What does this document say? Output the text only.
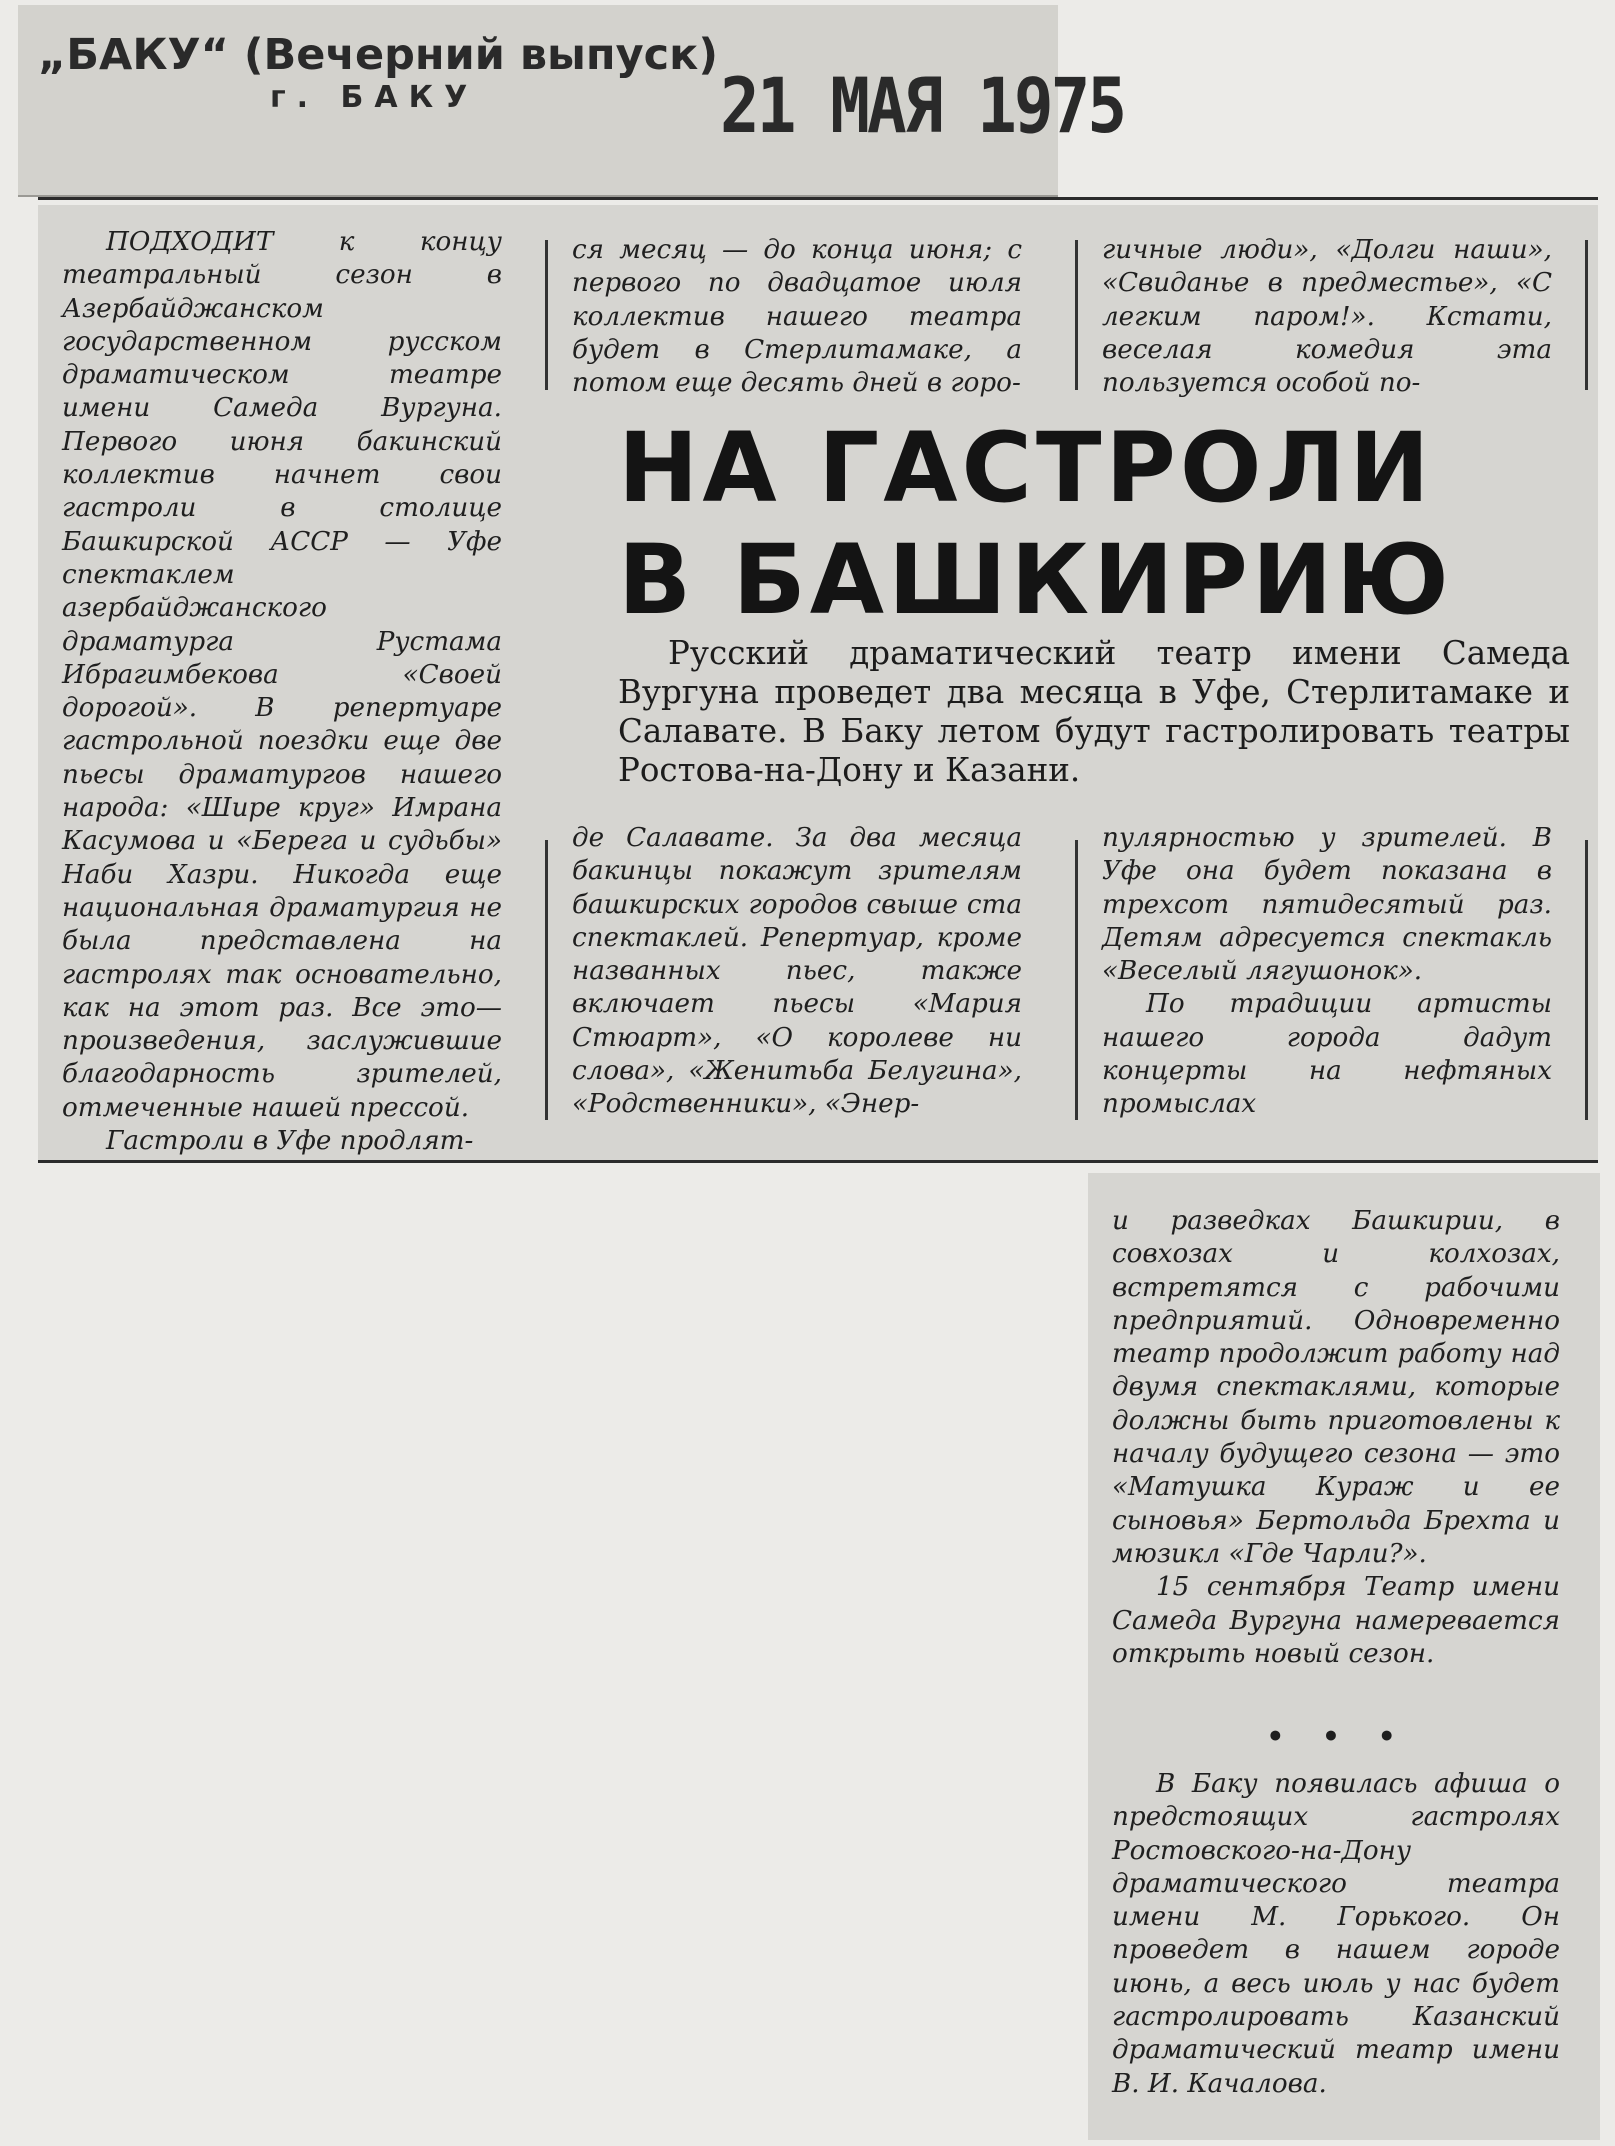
„БАКУ“ (Вечерний выпуск)
г. БАКУ	21 МАЯ 1975
ПОДХОДИТ к концу театральный сезон в Азербайджанском государственном русском драматическом театре имени Самеда Вургуна. Первого июня бакинский коллектив начнет свои гастроли в столице Башкирской АССР — Уфе спектаклем азербайджанского драматурга Рустама Ибрагимбекова «Своей дорогой». В репертуаре гастрольной поездки еще две пьесы драматургов нашего народа: «Шире круг» Имрана Касумова и «Берега и судьбы» Наби Хазри. Никогда еще национальная драматургия не была представлена на гастролях так основательно, как на этот раз. Все это—произведения, заслужившие благодарность зрителей, отмеченные нашей прессой.
Гастроли в Уфе продлят-
ся месяц — до конца июня; с первого по двадцатое июля коллектив нашего театра будет в Стерлитамаке, а потом еще десять дней в горо-
гичные люди», «Долги наши», «Свиданье в предместье», «С легким паром!». Кстати, веселая комедия эта пользуется особой по-
НА ГАСТРОЛИ
В БАШКИРИЮ
Русский драматический театр имени Самеда Вургуна проведет два месяца в Уфе, Стерлитамаке и Салавате. В Баку летом будут гастролировать театры Ростова-на-Дону и Казани.
де Салавате. За два месяца бакинцы покажут зрителям башкирских городов свыше ста спектаклей. Репертуар, кроме названных пьес, также включает пьесы «Мария Стюарт», «О королеве ни слова», «Женитьба Белугина», «Родственники», «Энер-
пулярностью у зрителей. В Уфе она будет показана в трехсот пятидесятый раз. Детям адресуется спектакль «Веселый лягушонок».
По традиции артисты нашего города дадут концерты на нефтяных промыслах
и разведках Башкирии, в совхозах и колхозах, встретятся с рабочими предприятий. Одновременно театр продолжит работу над двумя спектаклями, которые должны быть приготовлены к началу будущего сезона — это «Матушка Кураж и ее сыновья» Бертольда Брехта и мюзикл «Где Чарли?».
15 сентября Театр имени Самеда Вургуна намеревается открыть новый сезон.
• • •
В Баку появилась афиша о предстоящих гастролях Ростовского-на-Дону драматического театра имени М. Горького. Он проведет в нашем городе июнь, а весь июль у нас будет гастролировать Казанский драматический театр имени В. И. Качалова.
